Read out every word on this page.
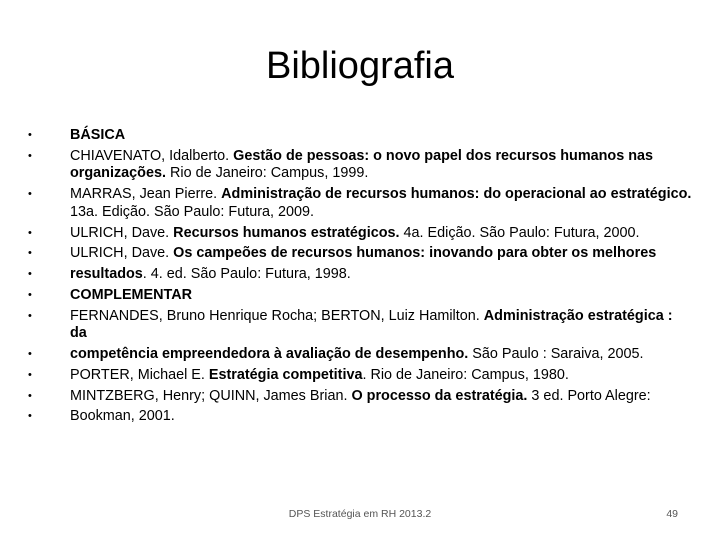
Bibliografia
•	BÁSICA
•	CHIAVENATO, Idalberto. Gestão de pessoas: o novo papel dos recursos humanos nas organizações. Rio de Janeiro: Campus, 1999.
•	MARRAS, Jean Pierre. Administração de recursos humanos: do operacional ao estratégico. 13a. Edição. São Paulo: Futura, 2009.
•	ULRICH, Dave. Recursos humanos estratégicos. 4a. Edição. São Paulo: Futura, 2000.
•	ULRICH, Dave. Os campeões de recursos humanos: inovando para obter os melhores
•	resultados. 4. ed. São Paulo: Futura, 1998.
•	COMPLEMENTAR
•	FERNANDES, Bruno Henrique Rocha; BERTON, Luiz Hamilton. Administração estratégica : da
•	competência empreendedora à avaliação de desempenho. São Paulo : Saraiva, 2005.
•	PORTER, Michael E. Estratégia competitiva. Rio de Janeiro: Campus, 1980.
•	MINTZBERG, Henry; QUINN, James Brian. O processo da estratégia. 3 ed. Porto Alegre:
•	Bookman, 2001.
DPS Estratégia em RH 2013.2	49
